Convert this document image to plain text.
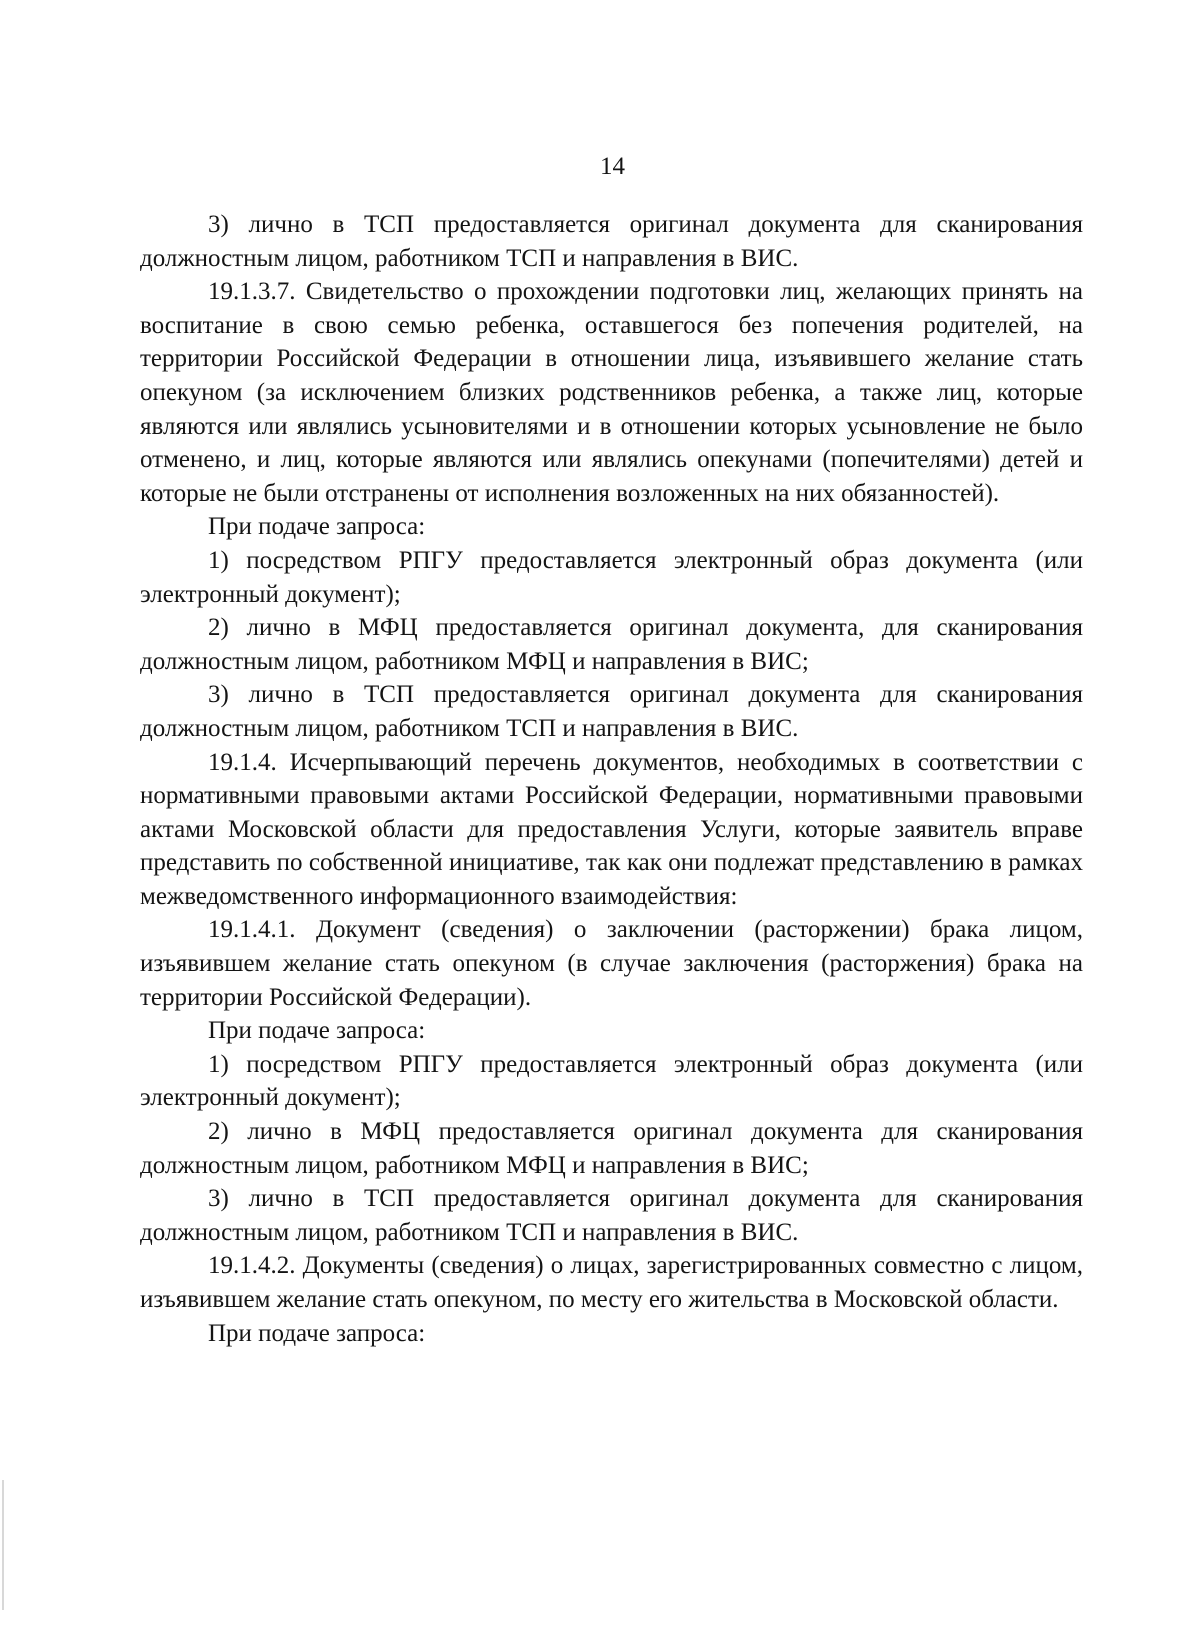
14

3) лично в ТСП предоставляется оригинал документа для сканирования должностным лицом, работником ТСП и направления в ВИС.

19.1.3.7. Свидетельство о прохождении подготовки лиц, желающих принять на воспитание в свою семью ребенка, оставшегося без попечения родителей, на территории Российской Федерации в отношении лица, изъявившего желание стать опекуном (за исключением близких родственников ребенка, а также лиц, которые являются или являлись усыновителями и в отношении которых усыновление не было отменено, и лиц, которые являются или являлись опекунами (попечителями) детей и которые не были отстранены от исполнения возложенных на них обязанностей).

При подаче запроса:

1) посредством РПГУ предоставляется электронный образ документа (или электронный документ);

2) лично в МФЦ предоставляется оригинал документа, для сканирования должностным лицом, работником МФЦ и направления в ВИС;

3) лично в ТСП предоставляется оригинал документа для сканирования должностным лицом, работником ТСП и направления в ВИС.

19.1.4. Исчерпывающий перечень документов, необходимых в соответствии с нормативными правовыми актами Российской Федерации, нормативными правовыми актами Московской области для предоставления Услуги, которые заявитель вправе представить по собственной инициативе, так как они подлежат представлению в рамках межведомственного информационного взаимодействия:

19.1.4.1. Документ (сведения) о заключении (расторжении) брака лицом, изъявившем желание стать опекуном (в случае заключения (расторжения) брака на территории Российской Федерации).

При подаче запроса:

1) посредством РПГУ предоставляется электронный образ документа (или электронный документ);

2) лично в МФЦ предоставляется оригинал документа для сканирования должностным лицом, работником МФЦ и направления в ВИС;

3) лично в ТСП предоставляется оригинал документа для сканирования должностным лицом, работником ТСП и направления в ВИС.

19.1.4.2. Документы (сведения) о лицах, зарегистрированных совместно с лицом, изъявившем желание стать опекуном, по месту его жительства в Московской области.

При подаче запроса:
